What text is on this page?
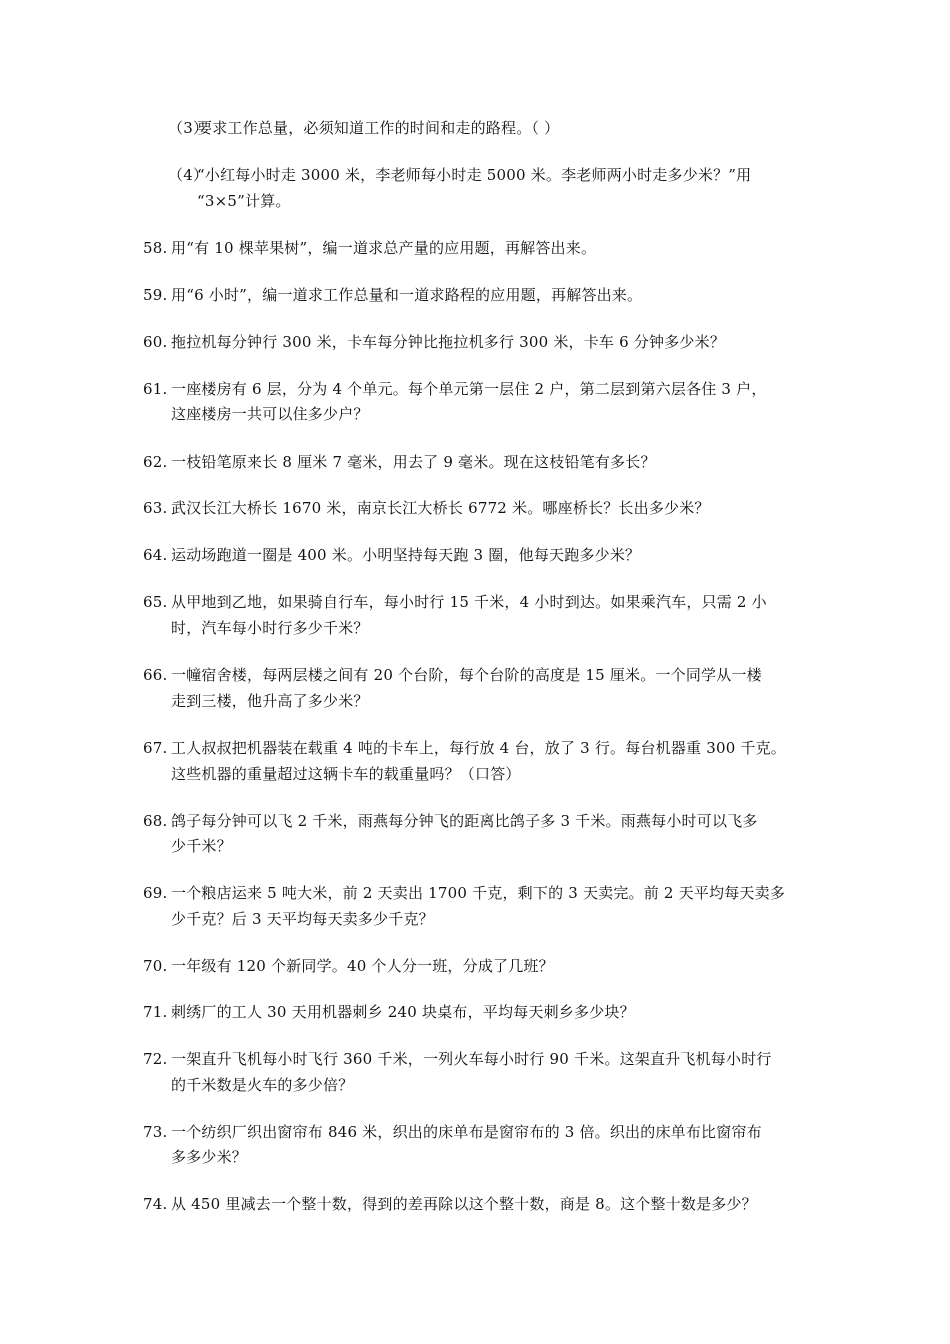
（3）
要求工作总量，必须知道工作的时间和走的路程。（ ）
（4）
“小红每小时走 3000 米，李老师每小时走 5000 米。李老师两小时走多少米？”用
“3×5”计算。
58. 用“有 10 棵苹果树”，编一道求总产量的应用题，再解答出来。
59. 用“6 小时”，编一道求工作总量和一道求路程的应用题，再解答出来。
60. 拖拉机每分钟行 300 米，卡车每分钟比拖拉机多行 300 米，卡车 6 分钟多少米？
61. 一座楼房有 6 层，分为 4 个单元。每个单元第一层住 2 户，第二层到第六层各住 3 户，
这座楼房一共可以住多少户？
62. 一枝铅笔原来长 8 厘米 7 毫米，用去了 9 毫米。现在这枝铅笔有多长？
63. 武汉长江大桥长 1670 米，南京长江大桥长 6772 米。哪座桥长？长出多少米？
64. 运动场跑道一圈是 400 米。小明坚持每天跑 3 圈，他每天跑多少米？
65. 从甲地到乙地，如果骑自行车，每小时行 15 千米，4 小时到达。如果乘汽车，只需 2 小
时，汽车每小时行多少千米？
66. 一幢宿舍楼，每两层楼之间有 20 个台阶，每个台阶的高度是 15 厘米。一个同学从一楼
走到三楼，他升高了多少米？
67. 工人叔叔把机器装在载重 4 吨的卡车上，每行放 4 台，放了 3 行。每台机器重 300 千克。
这些机器的重量超过这辆卡车的载重量吗？（口答）
68. 鸽子每分钟可以飞 2 千米，雨燕每分钟飞的距离比鸽子多 3 千米。雨燕每小时可以飞多
少千米？
69. 一个粮店运来 5 吨大米，前 2 天卖出 1700 千克，剩下的 3 天卖完。前 2 天平均每天卖多
少千克？后 3 天平均每天卖多少千克？
70. 一年级有 120 个新同学。40 个人分一班，分成了几班？
71. 刺绣厂的工人 30 天用机器刺乡 240 块桌布，平均每天刺乡多少块？
72. 一架直升飞机每小时飞行 360 千米，一列火车每小时行 90 千米。这架直升飞机每小时行
的千米数是火车的多少倍？
73. 一个纺织厂织出窗帘布 846 米，织出的床单布是窗帘布的 3 倍。织出的床单布比窗帘布
多多少米？
74. 从 450 里减去一个整十数，得到的差再除以这个整十数，商是 8。这个整十数是多少？
